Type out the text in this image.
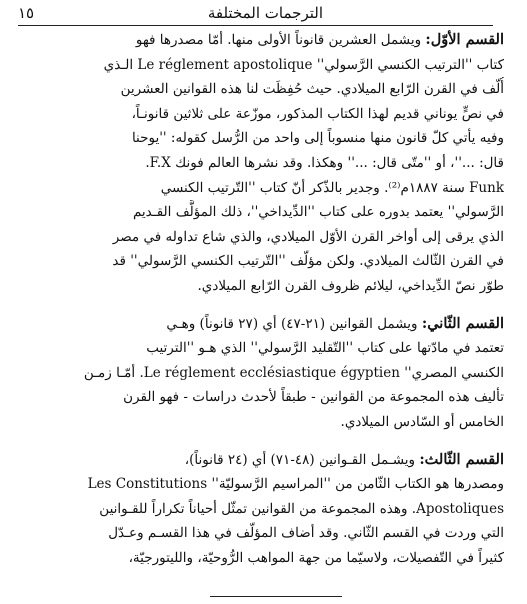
الترجمات المختلفة
١٥
القسم الأوّل: ويشمل العشرين قانوناً الأولى منها. أمّا مصدرها فهو
كتاب ''الترتيب الكنسي الرَّسولي'' Le réglement apostolique الـذي
أُلّف في القرن الرّابع الميلادي. حيث حُفِظَت لنا هذه القوانين العشرين
في نصٍّ يوناني قديم لهذا الكتاب المذكور، موزّعة على ثلاثين قانونـاً،
وفيه يأتي كلّ قانون منها منسوباً إلى واحد من الرُّسل كقوله: ''يوحنا
قال: ...''، أو ''متّى قال: ...'' وهكذا. وقد نشرها العالم فونك F.X.
Funk سنة ١٨٨٧م⁽²⁾. وجدير بالذّكر أنّ كتاب ''التّرتيب الكنسي
الرَّسولي'' يعتمد بدوره على كتاب ''الدِّيداخي''، ذلك المؤلَّف القـديم
الذي يرقى إلى أواخر القرن الأوّل الميلادي، والذي شاع تداوله في مصر
في القرن الثّالث الميلادي. ولكن مؤلّف ''التّرتيب الكنسي الرَّسولي'' قد
طوّر نصّ الدِّيداخي، ليلائم ظروف القرن الرّابع الميلادي.
القسم الثّاني: ويشمل القوانين (٢١-٤٧) أي (٢٧ قانوناً) وهـي
تعتمد في مادّتها على كتاب ''التّقليد الرَّسولي'' الذي هـو ''الترتيب
الكنسي المصري'' Le réglement ecclésiastique égyptien. أمّـا زمـن
تأليف هذه المجموعة من القوانين - طبقاً لأحدث دراسات - فهو القرن
الخامس أو السّادس الميلادي.
القسم الثّالث: ويشـمل القـوانين (٤٨-٧١) أي (٢٤ قانوناً)،
ومصدرها هو الكتاب الثّامن من ''المراسيم الرَّسوليّة'' Les Constitutions
Apostoliques. وهذه المجموعة من القوانين تمثّل أحياناً تكراراً للقـوانين
التي وردت في القسم الثّاني. وقد أضاف المؤلّف في هذا القسـم وعـدّل
كثيراً في التّفصيلات، ولاسيّما من جهة المواهب الرُّوحيّة، والليتورجيّة،
